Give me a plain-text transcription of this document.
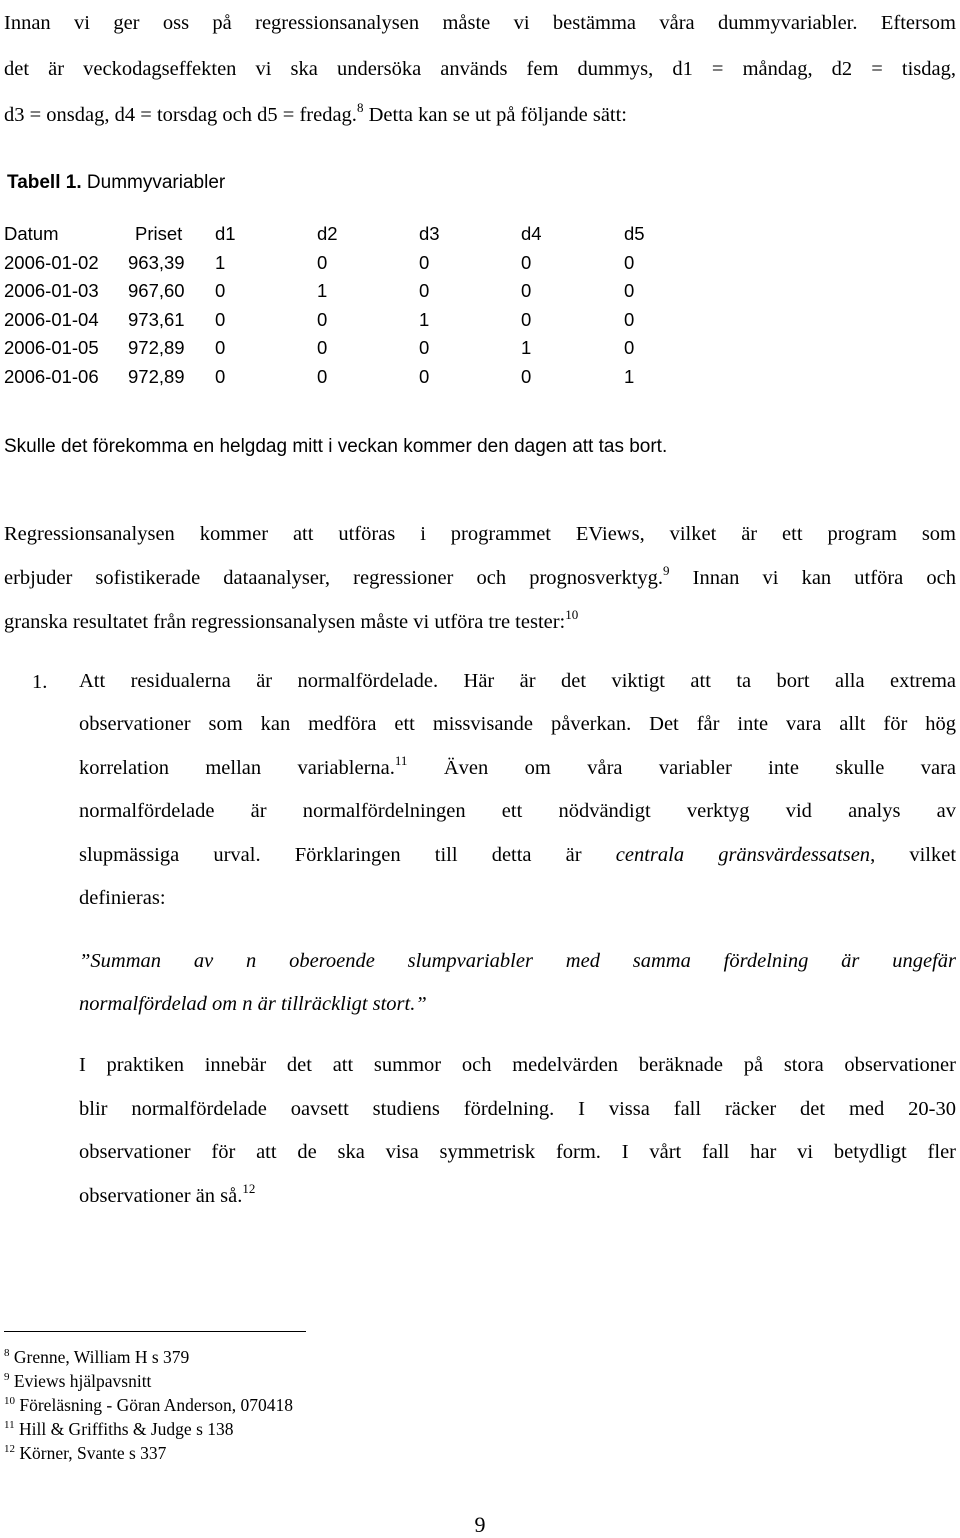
Innan vi ger oss på regressionsanalysen måste vi bestämma våra dummyvariabler. Eftersom
det är veckodagseffekten vi ska undersöka används fem dummys, d1 = måndag, d2 = tisdag,
d3 = onsdag, d4 = torsdag och d5 = fredag.$^8$ Detta kan se ut på följande sätt:
Tabell 1. Dummyvariabler
Datum	Priset	d1	d2	d3	d4	d5
2006-01-02	963,39	1	0	0	0	0
2006-01-03	967,60	0	1	0	0	0
2006-01-04	973,61	0	0	1	0	0
2006-01-05	972,89	0	0	0	1	0
2006-01-06	972,89	0	0	0	0	1
Skulle det förekomma en helgdag mitt i veckan kommer den dagen att tas bort.
Regressionsanalysen kommer att utföras i programmet EViews, vilket är ett program som
erbjuder sofistikerade dataanalyser, regressioner och prognosverktyg.$^9$ Innan vi kan utföra och
granska resultatet från regressionsanalysen måste vi utföra tre tester:$^{10}$
1. Att residualerna är normalfördelade. Här är det viktigt att ta bort alla extrema
observationer som kan medföra ett missvisande påverkan. Det får inte vara allt för hög
korrelation mellan variablerna.$^{11}$ Även om våra variabler inte skulle vara
normalfördelade är normalfördelningen ett nödvändigt verktyg vid analys av
slupmässiga urval. Förklaringen till detta är centrala gränsvärdessatsen, vilket
definieras:
”Summan av n oberoende slumpvariabler med samma fördelning är ungefär
normalfördelad om n är tillräckligt stort.”
I praktiken innebär det att summor och medelvärden beräknade på stora observationer
blir normalfördelade oavsett studiens fördelning. I vissa fall räcker det med 20-30
observationer för att de ska visa symmetrisk form. I vårt fall har vi betydligt fler
observationer än så.$^{12}$
$^8$ Grenne, William H s 379
$^9$ Eviews hjälpavsnitt
$^{10}$ Föreläsning - Göran Anderson, 070418
$^{11}$ Hill & Griffiths & Judge s 138
$^{12}$ Körner, Svante s 337
9
